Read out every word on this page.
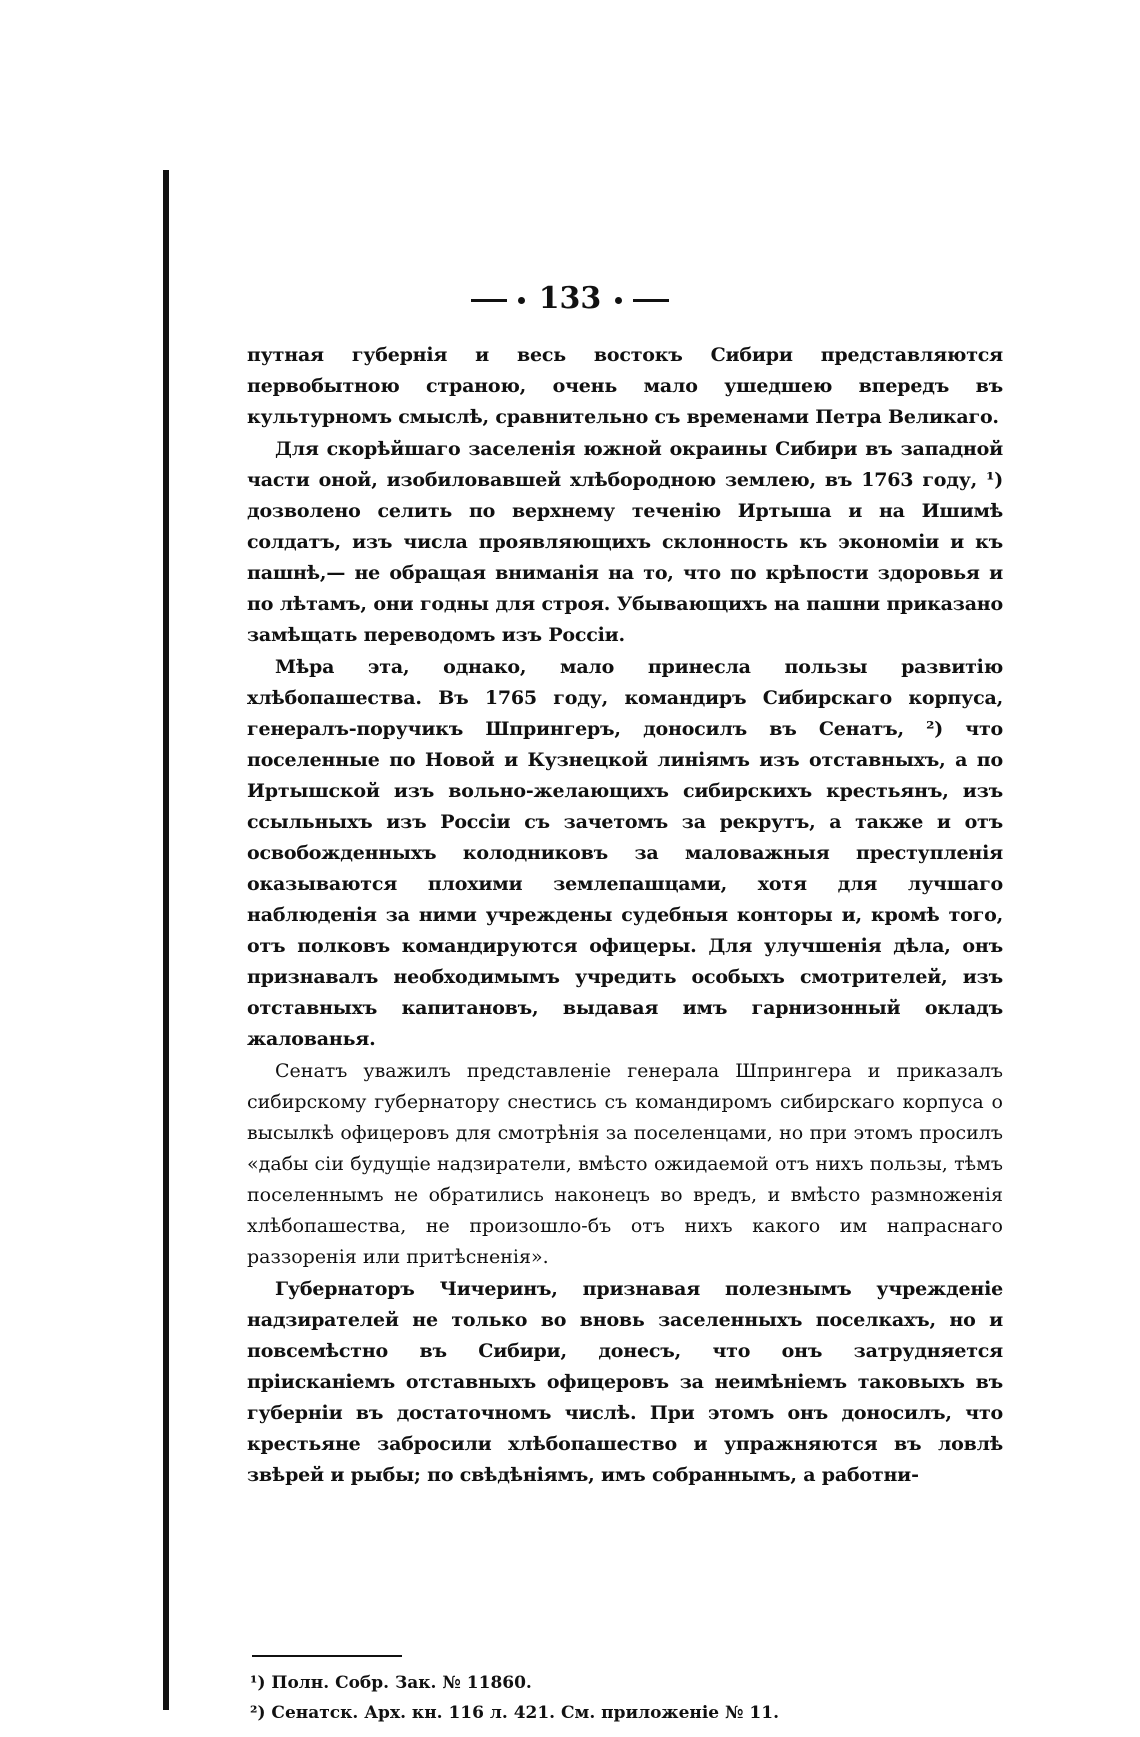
133

путная губернія и весь востокъ Сибири представляются первобытною страною, очень мало ушедшею впередъ въ культурномъ смыслѣ, сравнительно съ временами Петра Великаго.

Для скорѣйшаго заселенія южной окраины Сибири въ западной части оной, изобиловавшей хлѣбородною землею, въ 1763 году, ¹) дозволено селить по верхнему теченію Иртыша и на Ишимѣ солдатъ, изъ числа проявляющихъ склонность къ экономіи и къ пашнѣ,— не обращая вниманія на то, что по крѣпости здоровья и по лѣтамъ, они годны для строя. Убывающихъ на пашни приказано замѣщать переводомъ изъ Россіи.

Мѣра эта, однако, мало принесла пользы развитію хлѣбопашества. Въ 1765 году, командиръ Сибирскаго корпуса, генералъ-поручикъ Шпрингеръ, доносилъ въ Сенатъ, ²) что поселенные по Новой и Кузнецкой линіямъ изъ отставныхъ, а по Иртышской изъ вольно-желающихъ сибирскихъ крестьянъ, изъ ссыльныхъ изъ Россіи съ зачетомъ за рекрутъ, а также и отъ освобожденныхъ колодниковъ за маловажныя преступленія оказываются плохими землепашцами, хотя для лучшаго наблюденія за ними учреждены судебныя конторы и, кромѣ того, отъ полковъ командируются офицеры. Для улучшенія дѣла, онъ признавалъ необходимымъ учредить особыхъ смотрителей, изъ отставныхъ капитановъ, выдавая имъ гарнизонный окладъ жалованья.

Сенатъ уважилъ представленіе генерала Шпрингера и приказалъ сибирскому губернатору снестись съ командиромъ сибирскаго корпуса о высылкѣ офицеровъ для смотрѣнія за поселенцами, но при этомъ просилъ «дабы сіи будущіе надзиратели, вмѣсто ожидаемой отъ нихъ пользы, тѣмъ поселеннымъ не обратились наконецъ во вредъ, и вмѣсто размноженія хлѣбопашества, не произошло-бъ отъ нихъ какого им напраснаго раззоренія или притѣсненія».

Губернаторъ Чичеринъ, признавая полезнымъ учрежденіе надзирателей не только во вновь заселенныхъ поселкахъ, но и повсемѣстно въ Сибири, донесъ, что онъ затрудняется пріисканіемъ отставныхъ офицеровъ за неимѣніемъ таковыхъ въ губерніи въ достаточномъ числѣ. При этомъ онъ доносилъ, что крестьяне забросили хлѣбопашество и упражняются въ ловлѣ звѣрей и рыбы; по свѣдѣніямъ, имъ собраннымъ, а работни-

¹) Полн. Собр. Зак. № 11860.
²) Сенатск. Арх. кн. 116 л. 421. См. приложеніе № 11.
